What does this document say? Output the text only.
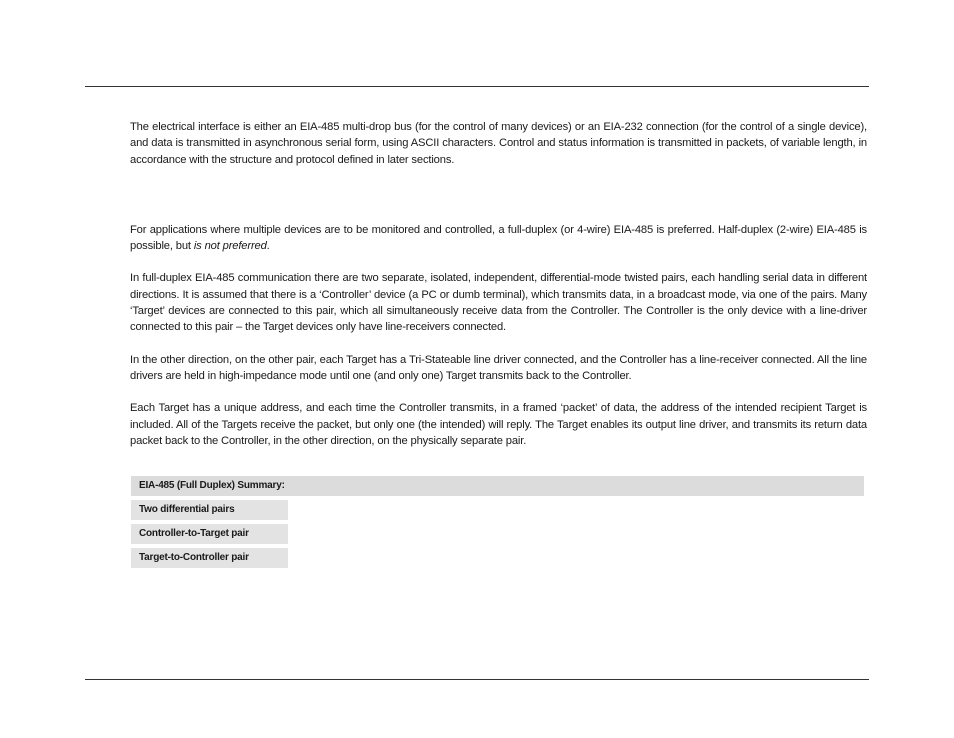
The electrical interface is either an EIA-485 multi-drop bus (for the control of many devices) or an EIA-232 connection (for the control of a single device), and data is transmitted in asynchronous serial form, using ASCII characters. Control and status information is transmitted in packets, of variable length, in accordance with the structure and protocol defined in later sections.

For applications where multiple devices are to be monitored and controlled, a full-duplex (or 4-wire) EIA-485 is preferred. Half-duplex (2-wire) EIA-485 is possible, but is not preferred.

In full-duplex EIA-485 communication there are two separate, isolated, independent, differential-mode twisted pairs, each handling serial data in different directions. It is assumed that there is a ‘Controller’ device (a PC or dumb terminal), which transmits data, in a broadcast mode, via one of the pairs. Many ‘Target’ devices are connected to this pair, which all simultaneously receive data from the Controller. The Controller is the only device with a line-driver connected to this pair – the Target devices only have line-receivers connected.

In the other direction, on the other pair, each Target has a Tri-Stateable line driver connected, and the Controller has a line-receiver connected. All the line drivers are held in high-impedance mode until one (and only one) Target transmits back to the Controller.

Each Target has a unique address, and each time the Controller transmits, in a framed ‘packet’ of data, the address of the intended recipient Target is included. All of the Targets receive the packet, but only one (the intended) will reply. The Target enables its output line driver, and transmits its return data packet back to the Controller, in the other direction, on the physically separate pair.

EIA-485 (Full Duplex) Summary:
Two differential pairs
Controller-to-Target pair
Target-to-Controller pair
